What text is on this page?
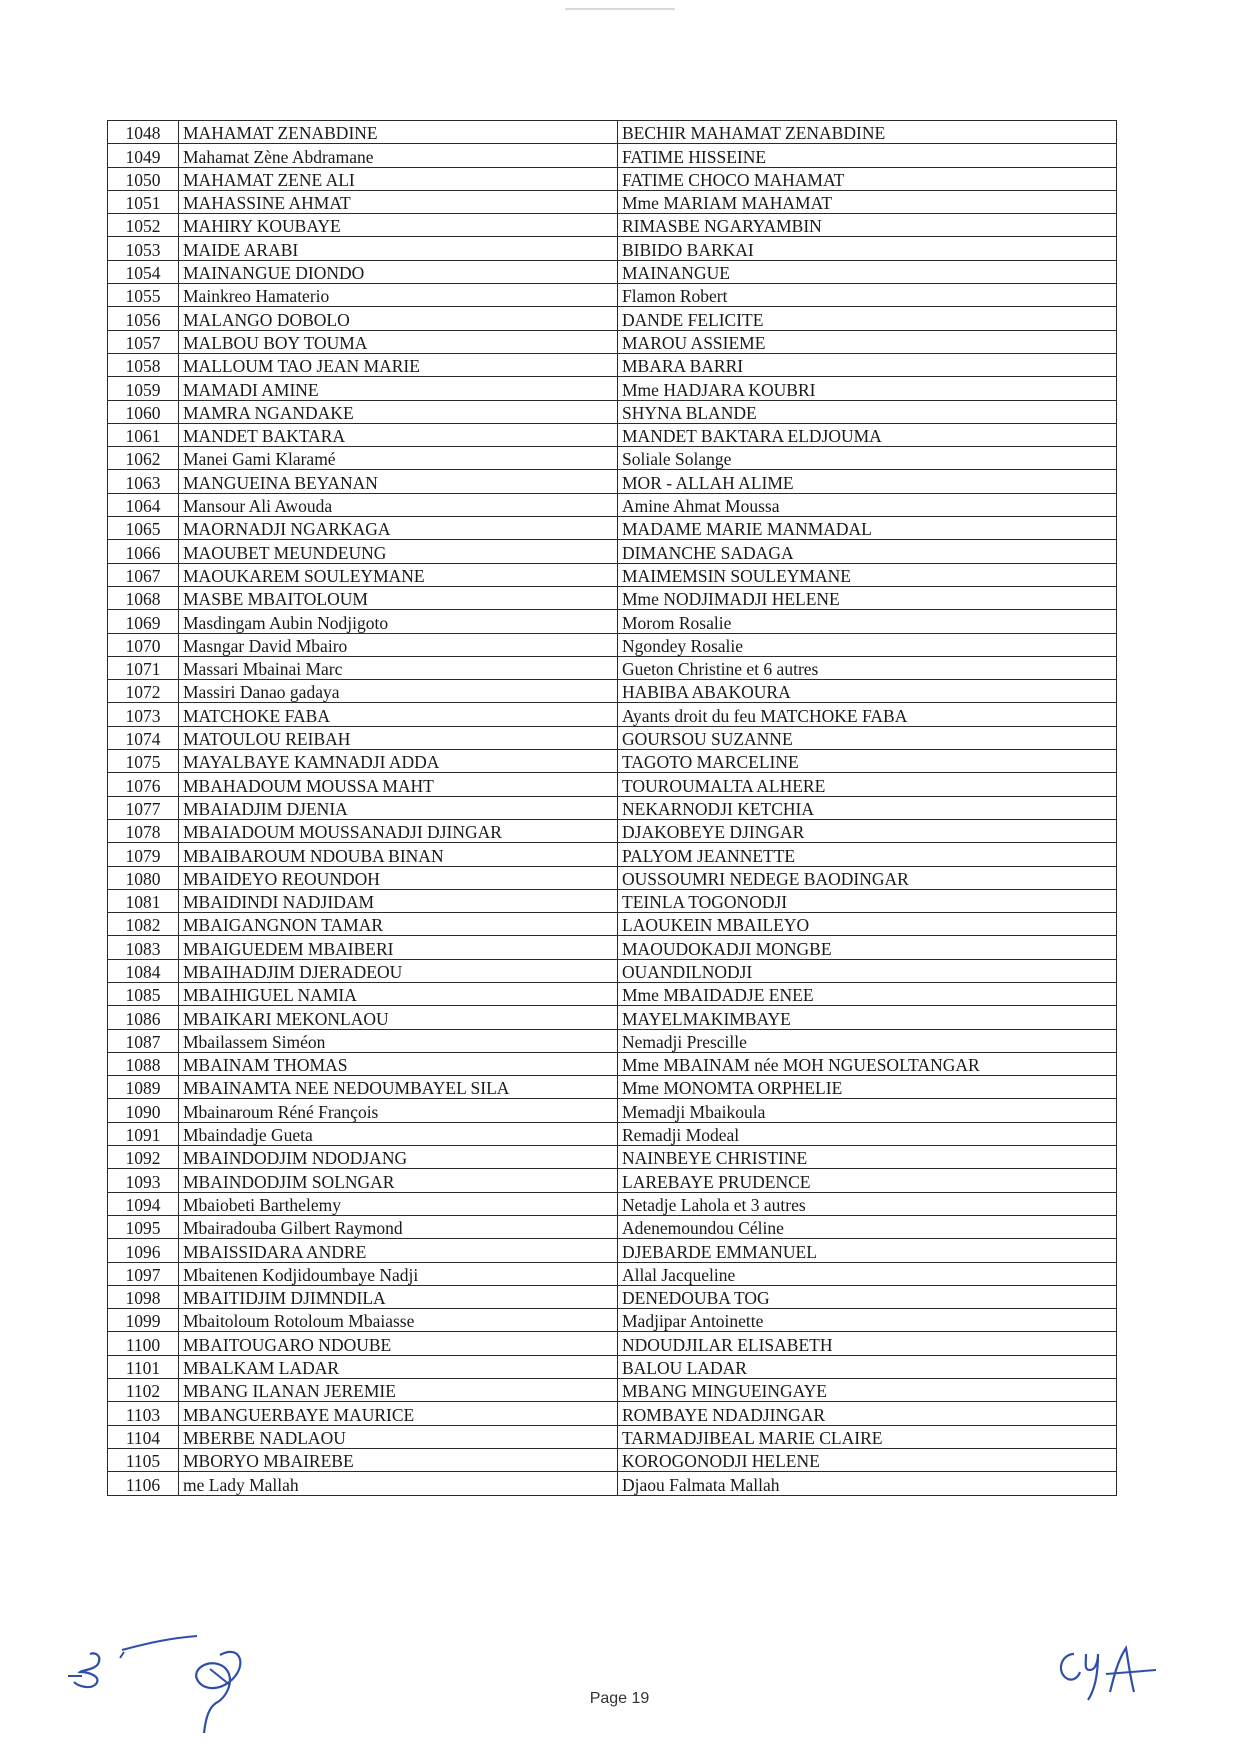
1048	MAHAMAT ZENABDINE	BECHIR MAHAMAT ZENABDINE
1049	Mahamat Zène Abdramane	FATIME HISSEINE
1050	MAHAMAT ZENE ALI	FATIME CHOCO MAHAMAT
1051	MAHASSINE AHMAT	Mme MARIAM MAHAMAT
1052	MAHIRY KOUBAYE	RIMASBE NGARYAMBIN
1053	MAIDE ARABI	BIBIDO BARKAI
1054	MAINANGUE DIONDO	MAINANGUE
1055	Mainkreo Hamaterio	Flamon Robert
1056	MALANGO DOBOLO	DANDE FELICITE
1057	MALBOU BOY TOUMA	MAROU ASSIEME
1058	MALLOUM TAO JEAN MARIE	MBARA BARRI
1059	MAMADI AMINE	Mme HADJARA KOUBRI
1060	MAMRA NGANDAKE	SHYNA BLANDE
1061	MANDET BAKTARA	MANDET BAKTARA ELDJOUMA
1062	Manei Gami Klaramé	Soliale Solange
1063	MANGUEINA BEYANAN	MOR - ALLAH ALIME
1064	Mansour Ali Awouda	Amine Ahmat Moussa
1065	MAORNADJI NGARKAGA	MADAME MARIE MANMADAL
1066	MAOUBET MEUNDEUNG	DIMANCHE SADAGA
1067	MAOUKAREM SOULEYMANE	MAIMEMSIN SOULEYMANE
1068	MASBE MBAITOLOUM	Mme NODJIMADJI HELENE
1069	Masdingam Aubin Nodjigoto	Morom Rosalie
1070	Masngar David Mbairo	Ngondey Rosalie
1071	Massari Mbainai Marc	Gueton Christine et 6 autres
1072	Massiri Danao gadaya	HABIBA ABAKOURA
1073	MATCHOKE FABA	Ayants droit du feu MATCHOKE FABA
1074	MATOULOU REIBAH	GOURSOU SUZANNE
1075	MAYALBAYE KAMNADJI ADDA	TAGOTO MARCELINE
1076	MBAHADOUM MOUSSA MAHT	TOUROUMALTA ALHERE
1077	MBAIADJIM DJENIA	NEKARNODJI KETCHIA
1078	MBAIADOUM MOUSSANADJI DJINGAR	DJAKOBEYE DJINGAR
1079	MBAIBAROUM NDOUBA BINAN	PALYOM JEANNETTE
1080	MBAIDEYO REOUNDOH	OUSSOUMRI NEDEGE BAODINGAR
1081	MBAIDINDI NADJIDAM	TEINLA TOGONODJI
1082	MBAIGANGNON TAMAR	LAOUKEIN MBAILEYO
1083	MBAIGUEDEM MBAIBERI	MAOUDOKADJI MONGBE
1084	MBAIHADJIM DJERADEOU	OUANDILNODJI
1085	MBAIHIGUEL NAMIA	Mme MBAIDADJE ENEE
1086	MBAIKARI MEKONLAOU	MAYELMAKIMBAYE
1087	Mbailassem Siméon	Nemadji Prescille
1088	MBAINAM THOMAS	Mme MBAINAM née MOH NGUESOLTANGAR
1089	MBAINAMTA NEE NEDOUMBAYEL SILA	Mme MONOMTA ORPHELIE
1090	Mbainaroum Réné François	Memadji Mbaikoula
1091	Mbaindadje Gueta	Remadji Modeal
1092	MBAINDODJIM NDODJANG	NAINBEYE CHRISTINE
1093	MBAINDODJIM SOLNGAR	LAREBAYE PRUDENCE
1094	Mbaiobeti Barthelemy	Netadje Lahola et 3 autres
1095	Mbairadouba Gilbert Raymond	Adenemoundou Céline
1096	MBAISSIDARA ANDRE	DJEBARDE EMMANUEL
1097	Mbaitenen Kodjidoumbaye Nadji	Allal Jacqueline
1098	MBAITIDJIM DJIMNDILA	DENEDOUBA TOG
1099	Mbaitoloum Rotoloum Mbaiasse	Madjipar Antoinette
1100	MBAITOUGARO NDOUBE	NDOUDJILAR ELISABETH
1101	MBALKAM LADAR	BALOU LADAR
1102	MBANG ILANAN JEREMIE	MBANG MINGUEINGAYE
1103	MBANGUERBAYE MAURICE	ROMBAYE NDADJINGAR
1104	MBERBE NADLAOU	TARMADJIBEAL MARIE CLAIRE
1105	MBORYO MBAIREBE	KOROGONODJI HELENE
1106	me Lady Mallah	Djaou Falmata Mallah
Page 19
